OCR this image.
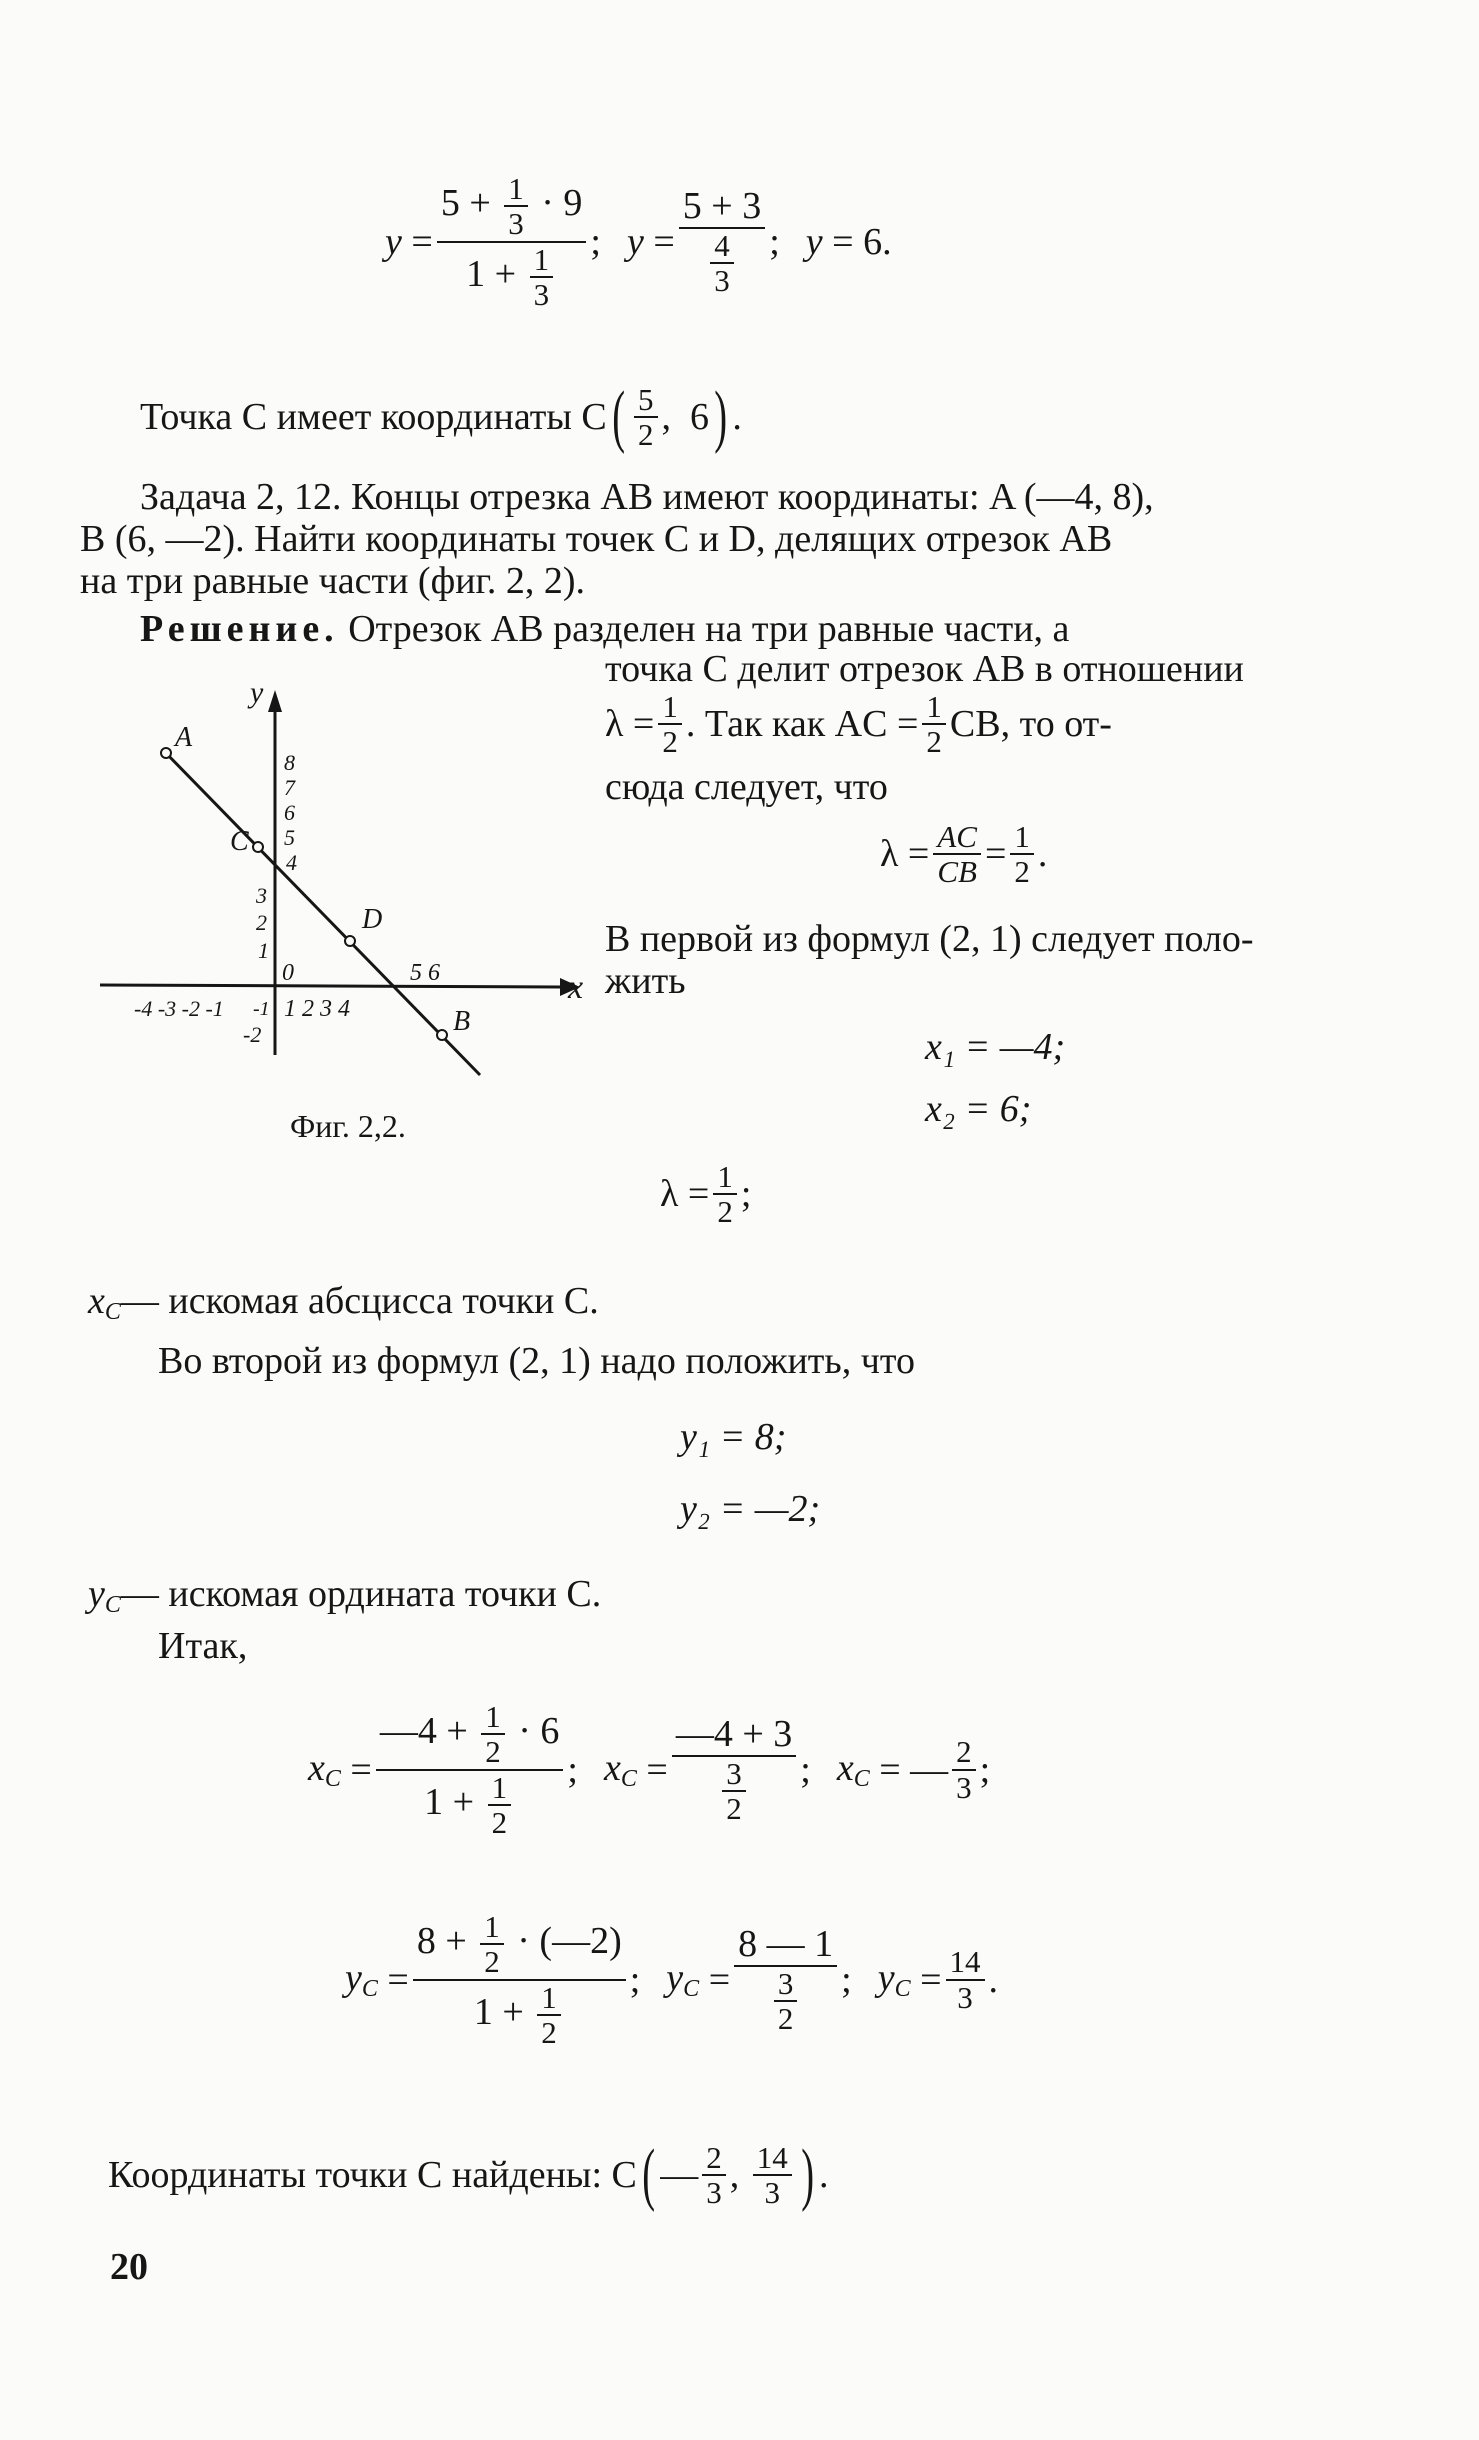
y
= $\frac{5 + \frac{1}{3} \cdot 9}{1 + \frac{1}{3}}$ ; y
= $\frac{5 + 3}{\frac{4}{3}}$ ; y
=
6.
Точка C имеет координаты C ( $\frac{5}{2}$ , 6 ) .
Задача 2, 12. Концы отрезка AB имеют координаты: A (—4, 8),
B (6, —2). Найти координаты точек C и D, делящих отрезок AB
на три равные части (фиг. 2, 2).
Решение. Отрезок AB разделен на три равные части, а
точка C делит отрезок AB в отношении
$\lambda = \frac{1}{2}$ . Так как AC = $\frac{1}{2}$ CB, то от-
сюда следует, что
$\lambda = \frac{AC}{CB} = \frac{1}{2}$ .
y
x
A
C
D
B
0
8
7
6
5
4
3
2
1
-1
-2
-4 -3 -2 -1	1 2 3 4
5 6
Фиг. 2,2.
В первой из формул (2, 1) следует поло-
жить
x₁ = —4;
x₂ = 6;
$\lambda = \frac{1}{2}$ ;
$x_C—$ искомая абсцисса точки C.
Во второй из формул (2, 1) надо положить, что
y₁ = 8;
y₂ = —2;
$y_C—$ искомая ордината точки C.
Итак,
$x_C = \frac{—4 + \frac{1}{2} \cdot 6}{1 + \frac{1}{2}}$ ; $x_C = \frac{—4 + 3}{\frac{3}{2}}$ ; $x_C$ = — $\frac{2}{3}$ ;
$y_C = \frac{8 + \frac{1}{2} \cdot (—2)}{1 + \frac{1}{2}}$ ; $y_C = \frac{8 — 1}{\frac{3}{2}}$ ; $y_C = \frac{14}{3}$ .
Координаты точки C найдены: C ( — $\frac{2}{3}$ , $\frac{14}{3}$ ) .
20
